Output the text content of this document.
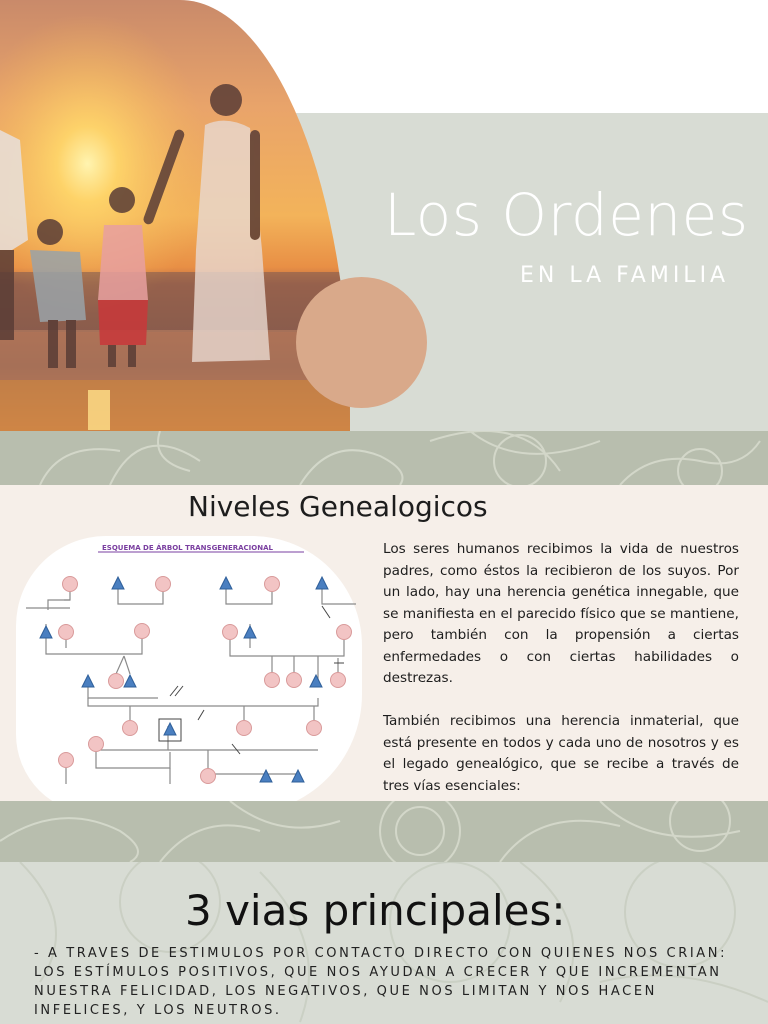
Los Ordenes
EN LA FAMILIA
Niveles Genealogicos
ESQUEMA DE ÁRBOL TRANSGENERACIONAL	Los seres humanos recibimos la vida de nuestros padres, como éstos la recibieron de los suyos. Por un lado, hay una herencia genética innegable, que se manifiesta en el parecido físico que se mantiene, pero también con la propensión a ciertas enfermedades o con ciertas habilidades o destrezas.

También recibimos una herencia inmaterial, que está presente en todos y cada uno de nosotros y es el legado genealógico, que se recibe a través de tres vías esenciales:

3 vias principales:
- A TRAVES DE ESTIMULOS POR CONTACTO DIRECTO CON QUIENES NOS CRIAN: LOS ESTÍMULOS POSITIVOS, QUE NOS AYUDAN A CRECER Y QUE INCREMENTAN NUESTRA FELICIDAD, LOS NEGATIVOS, QUE NOS LIMITAN Y NOS HACEN INFELICES, Y LOS NEUTROS.
